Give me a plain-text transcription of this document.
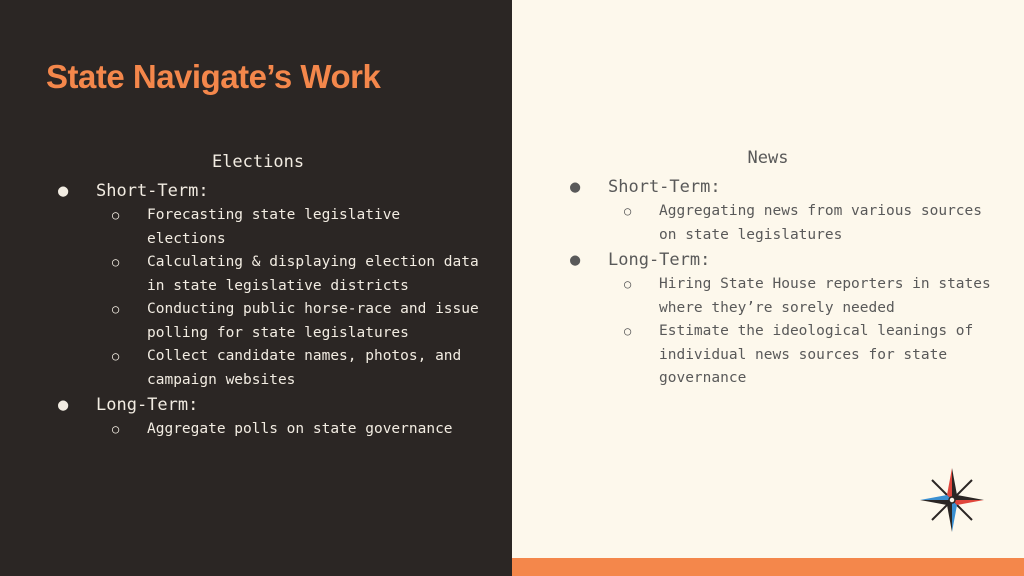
State Navigate’s Work
Elections
● Short-Term:
○ Forecasting state legislative elections
○ Calculating & displaying election data in state legislative districts
○ Conducting public horse-race and issue polling for state legislatures
○ Collect candidate names, photos, and campaign websites
● Long-Term:
○ Aggregate polls on state governance
News
● Short-Term:
○ Aggregating news from various sources on state legislatures
● Long-Term:
○ Hiring State House reporters in states where they’re sorely needed
○ Estimate the ideological leanings of individual news sources for state governance
